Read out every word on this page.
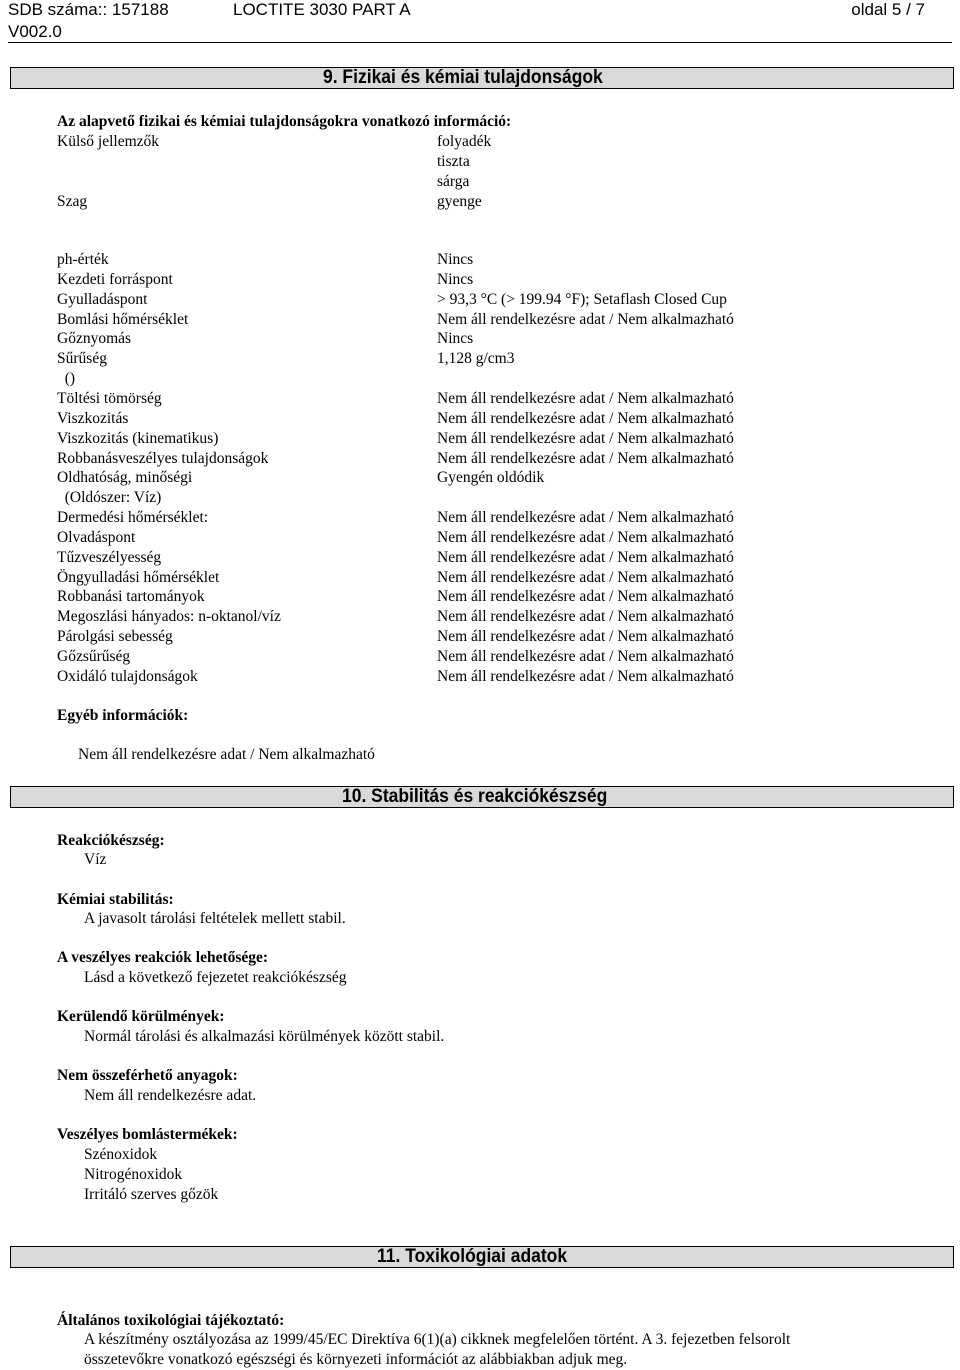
SDB száma:: 157188	LOCTITE 3030 PART A	oldal 5 / 7
V002.0
9. Fizikai és kémiai tulajdonságok
Az alapvető fizikai és kémiai tulajdonságokra vonatkozó információ:
Külső jellemzők	folyadék
tiszta
sárga
Szag	gyenge
ph-érték	Nincs
Kezdeti forráspont	Nincs
Gyulladáspont	> 93,3 °C (> 199.94 °F); Setaflash Closed Cup
Bomlási hőmérséklet	Nem áll rendelkezésre adat / Nem alkalmazható
Gőznyomás	Nincs
Sűrűség	1,128 g/cm3
()
Töltési tömörség	Nem áll rendelkezésre adat / Nem alkalmazható
Viszkozitás	Nem áll rendelkezésre adat / Nem alkalmazható
Viszkozitás (kinematikus)	Nem áll rendelkezésre adat / Nem alkalmazható
Robbanásveszélyes tulajdonságok	Nem áll rendelkezésre adat / Nem alkalmazható
Oldhatóság, minőségi	Gyengén oldódik
(Oldószer: Víz)
Dermedési hőmérséklet:	Nem áll rendelkezésre adat / Nem alkalmazható
Olvadáspont	Nem áll rendelkezésre adat / Nem alkalmazható
Tűzveszélyesség	Nem áll rendelkezésre adat / Nem alkalmazható
Öngyulladási hőmérséklet	Nem áll rendelkezésre adat / Nem alkalmazható
Robbanási tartományok	Nem áll rendelkezésre adat / Nem alkalmazható
Megoszlási hányados: n-oktanol/víz	Nem áll rendelkezésre adat / Nem alkalmazható
Párolgási sebesség	Nem áll rendelkezésre adat / Nem alkalmazható
Gőzsűrűség	Nem áll rendelkezésre adat / Nem alkalmazható
Oxidáló tulajdonságok	Nem áll rendelkezésre adat / Nem alkalmazható
Egyéb információk:
Nem áll rendelkezésre adat / Nem alkalmazható
10. Stabilitás és reakciókészség
Reakciókészség:
Víz
Kémiai stabilitás:
A javasolt tárolási feltételek mellett stabil.
A veszélyes reakciók lehetősége:
Lásd a következő fejezetet reakciókészség
Kerülendő körülmények:
Normál tárolási és alkalmazási körülmények között stabil.
Nem összeférhető anyagok:
Nem áll rendelkezésre adat.
Veszélyes bomlástermékek:
Szénoxidok
Nitrogénoxidok
Irritáló szerves gőzök
11. Toxikológiai adatok
Általános toxikológiai tájékoztató:
A készítmény osztályozása az 1999/45/EC Direktíva 6(1)(a) cikknek megfelelően történt. A 3. fejezetben felsorolt
összetevőkre vonatkozó egészségi és környezeti információt az alábbiakban adjuk meg.
